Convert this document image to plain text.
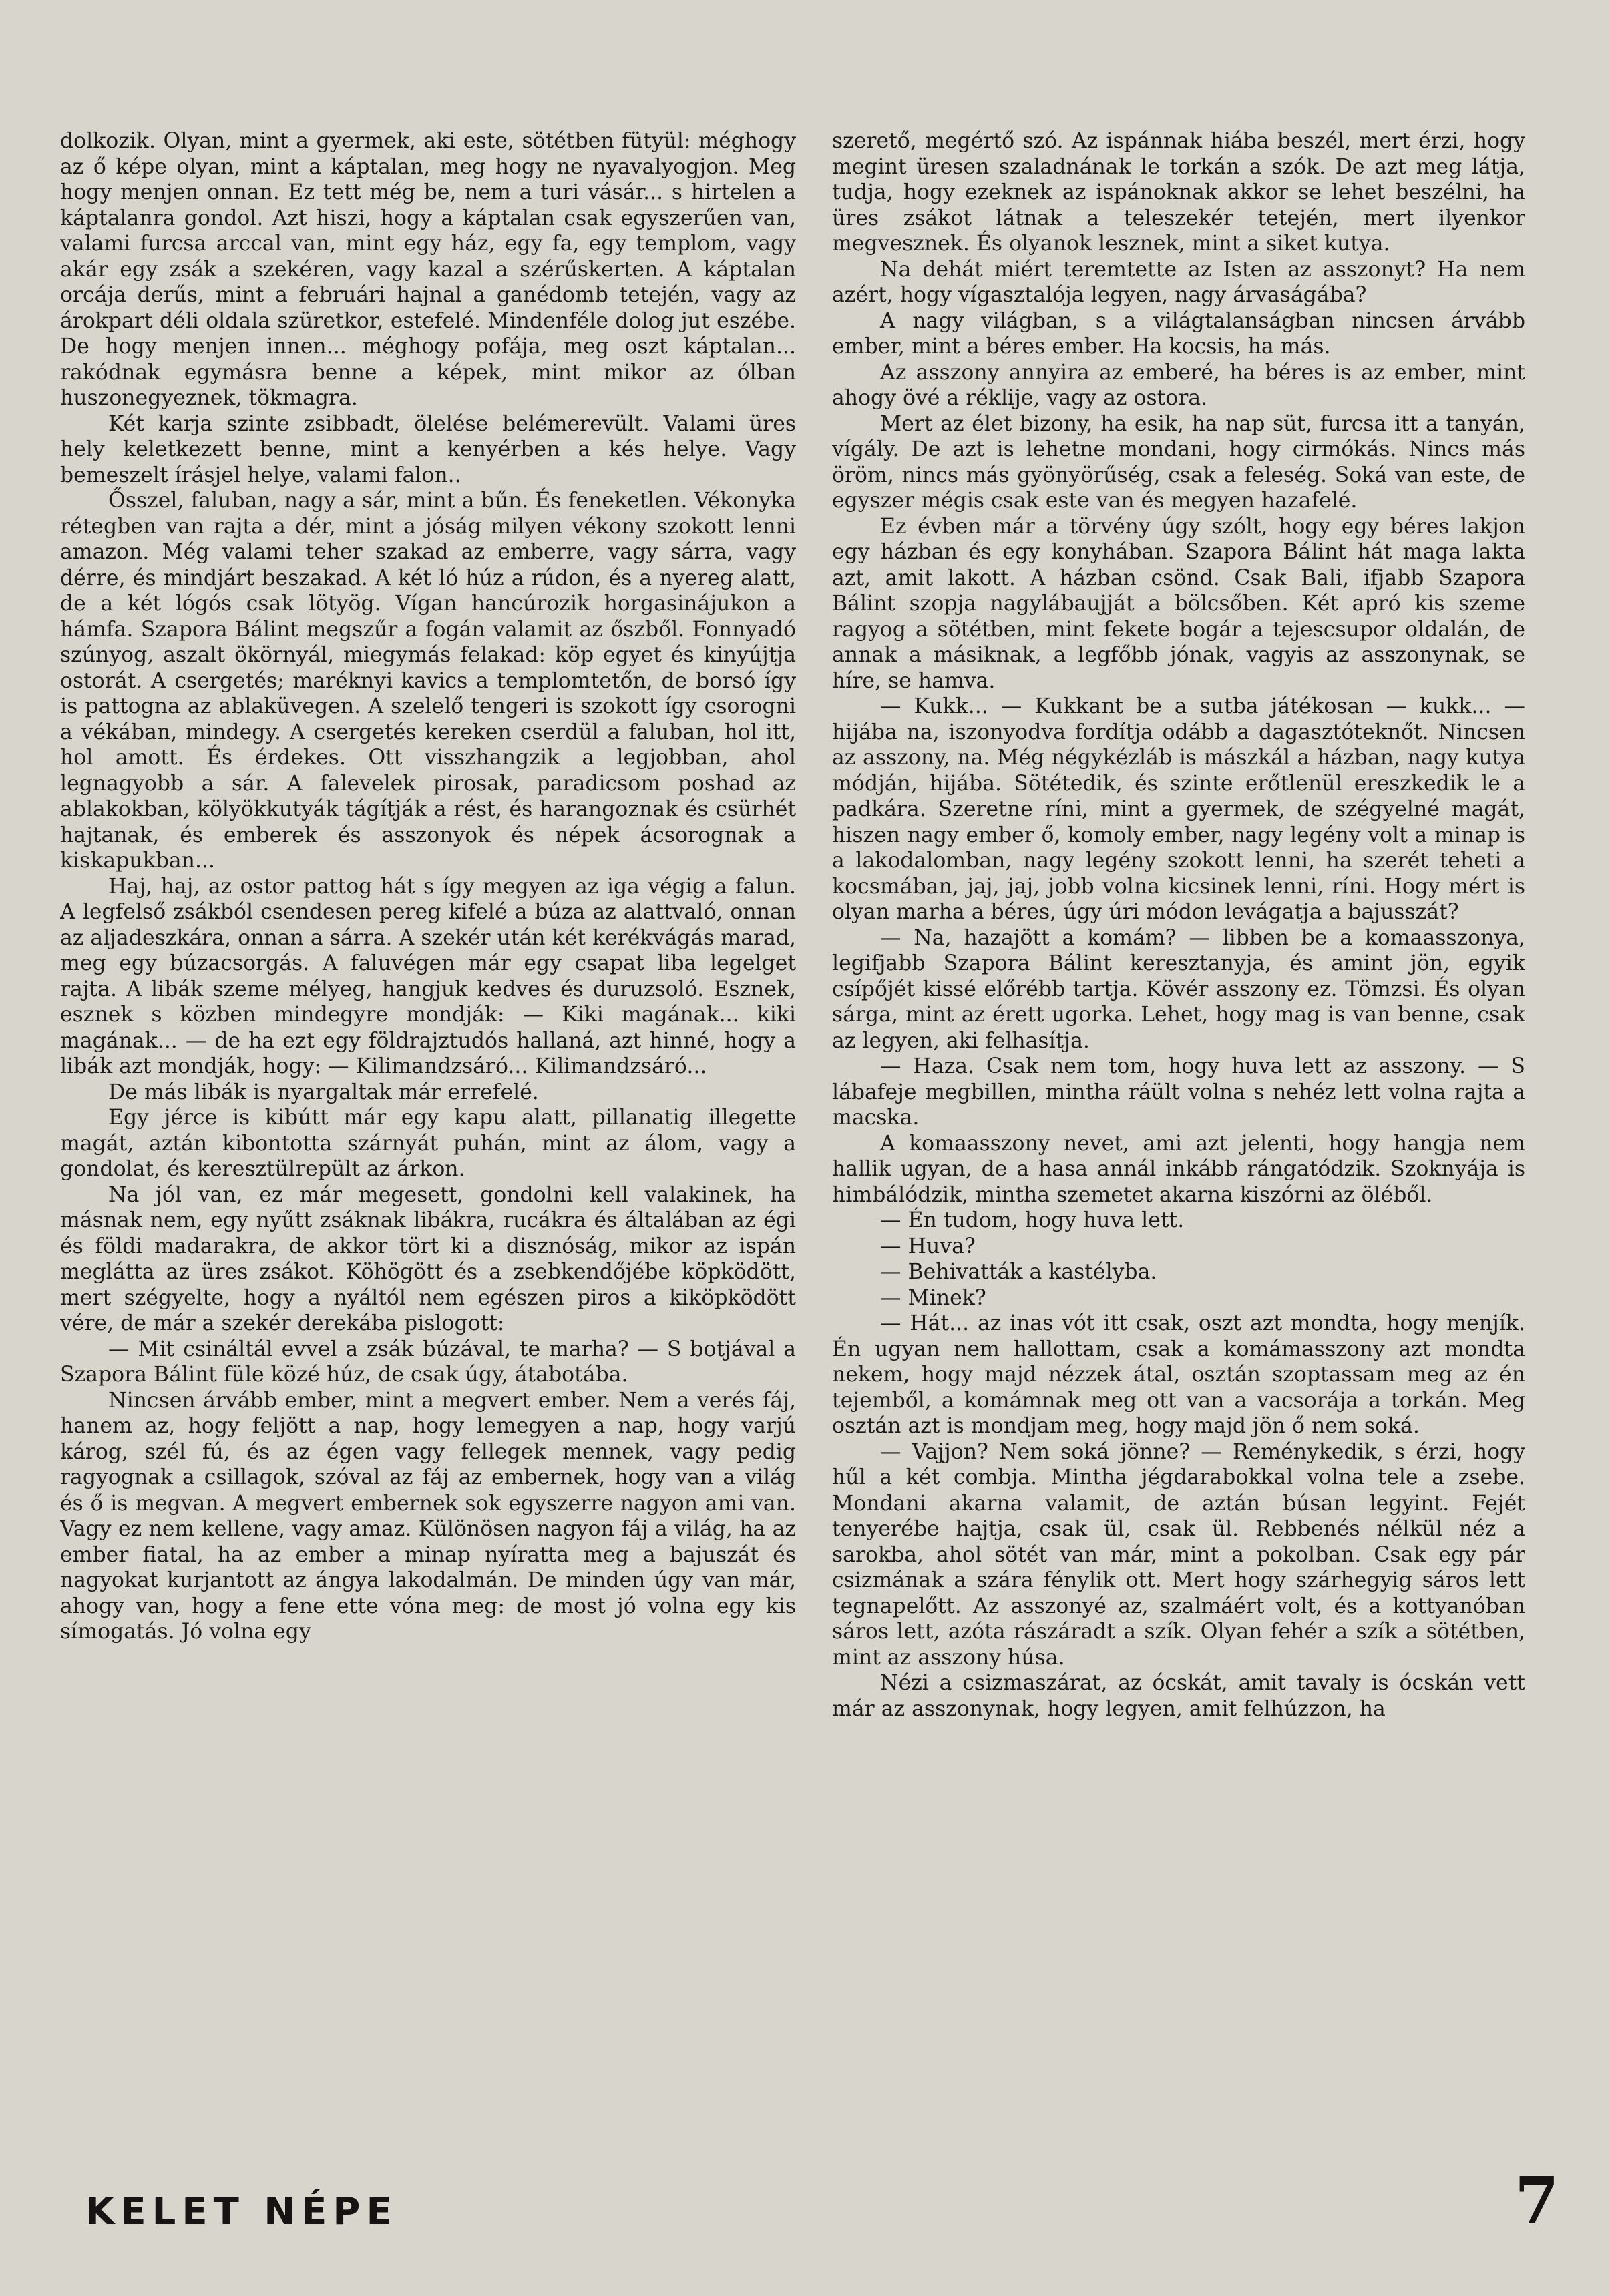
dolkozik. Olyan, mint a gyermek, aki este, sötétben fütyül: méghogy az ő képe olyan, mint a káptalan, meg hogy ne nyavalyogjon. Meg hogy menjen onnan. Ez tett még be, nem a turi vásár... s hirtelen a káptalanra gondol. Azt hiszi, hogy a káptalan csak egyszerűen van, valami furcsa arccal van, mint egy ház, egy fa, egy templom, vagy akár egy zsák a szekéren, vagy kazal a szérűskerten. A káptalan orcája derűs, mint a februári hajnal a ganédomb tetején, vagy az árokpart déli oldala szüretkor, estefelé. Mindenféle dolog jut eszébe. De hogy menjen innen... méghogy pofája, meg oszt káptalan... rakódnak egymásra benne a képek, mint mikor az ólban huszonegyeznek, tökmagra.

Két karja szinte zsibbadt, ölelése belémerevült. Valami üres hely keletkezett benne, mint a kenyérben a kés helye. Vagy bemeszelt írásjel helye, valami falon..

Ősszel, faluban, nagy a sár, mint a bűn. És feneketlen. Vékonyka rétegben van rajta a dér, mint a jóság milyen vékony szokott lenni amazon. Még valami teher szakad az emberre, vagy sárra, vagy dérre, és mindjárt beszakad. A két ló húz a rúdon, és a nyereg alatt, de a két lógós csak lötyög. Vígan hancúrozik horgasinájukon a hámfa. Szapora Bálint megszűr a fogán valamit az őszből. Fonnyadó szúnyog, aszalt ökörnyál, miegymás felakad: köp egyet és kinyújtja ostorát. A csergetés; maréknyi kavics a templomtetőn, de borsó így is pattogna az ablaküvegen. A szelelő tengeri is szokott így csorogni a vékában, mindegy. A csergetés kereken cserdül a faluban, hol itt, hol amott. És érdekes. Ott visszhangzik a legjobban, ahol legnagyobb a sár. A falevelek pirosak, paradicsom poshad az ablakokban, kölyökkutyák tágítják a rést, és harangoznak és csürhét hajtanak, és emberek és asszonyok és népek ácsorognak a kiskapukban...

Haj, haj, az ostor pattog hát s így megyen az iga végig a falun. A legfelső zsákból csendesen pereg kifelé a búza az alattvaló, onnan az aljadeszkára, onnan a sárra. A szekér után két kerékvágás marad, meg egy búzacsorgás. A faluvégen már egy csapat liba legelget rajta. A libák szeme mélyeg, hangjuk kedves és duruzsoló. Esznek, esznek s közben mindegyre mondják: — Kiki magának... kiki magának... — de ha ezt egy földrajztudós hallaná, azt hinné, hogy a libák azt mondják, hogy: — Kilimandzsáró... Kilimandzsáró...

De más libák is nyargaltak már errefelé.

Egy jérce is kibútt már egy kapu alatt, pillanatig illegette magát, aztán kibontotta szárnyát puhán, mint az álom, vagy a gondolat, és keresztülrepült az árkon.

Na jól van, ez már megesett, gondolni kell valakinek, ha másnak nem, egy nyűtt zsáknak libákra, rucákra és általában az égi és földi madarakra, de akkor tört ki a disznóság, mikor az ispán meglátta az üres zsákot. Köhögött és a zsebkendőjébe köpködött, mert szégyelte, hogy a nyáltól nem egészen piros a kiköpködött vére, de már a szekér derekába pislogott:

— Mit csináltál evvel a zsák búzával, te marha? — S botjával a Szapora Bálint füle közé húz, de csak úgy, átabotába.

Nincsen árvább ember, mint a megvert ember. Nem a verés fáj, hanem az, hogy feljött a nap, hogy lemegyen a nap, hogy varjú károg, szél fú, és az égen vagy fellegek mennek, vagy pedig ragyognak a csillagok, szóval az fáj az embernek, hogy van a világ és ő is megvan. A megvert embernek sok egyszerre nagyon ami van. Vagy ez nem kellene, vagy amaz. Különösen nagyon fáj a világ, ha az ember fiatal, ha az ember a minap nyíratta meg a bajuszát és nagyokat kurjantott az ángya lakodalmán. De minden úgy van már, ahogy van, hogy a fene ette vóna meg: de most jó volna egy kis símogatás. Jó volna egy

szerető, megértő szó. Az ispánnak hiába beszél, mert érzi, hogy megint üresen szaladnának le torkán a szók. De azt meg látja, tudja, hogy ezeknek az ispánoknak akkor se lehet beszélni, ha üres zsákot látnak a teleszekér tetején, mert ilyenkor megvesznek. És olyanok lesznek, mint a siket kutya.

Na dehát miért teremtette az Isten az asszonyt? Ha nem azért, hogy vígasztalója legyen, nagy árvaságába?

A nagy világban, s a világtalanságban nincsen árvább ember, mint a béres ember. Ha kocsis, ha más.

Az asszony annyira az emberé, ha béres is az ember, mint ahogy övé a réklije, vagy az ostora.

Mert az élet bizony, ha esik, ha nap süt, furcsa itt a tanyán, vígály. De azt is lehetne mondani, hogy cirmókás. Nincs más öröm, nincs más gyönyörűség, csak a feleség. Soká van este, de egyszer mégis csak este van és megyen hazafelé.

Ez évben már a törvény úgy szólt, hogy egy béres lakjon egy házban és egy konyhában. Szapora Bálint hát maga lakta azt, amit lakott. A házban csönd. Csak Bali, ifjabb Szapora Bálint szopja nagylábaujját a bölcsőben. Két apró kis szeme ragyog a sötétben, mint fekete bogár a tejescsupor oldalán, de annak a másiknak, a legfőbb jónak, vagyis az asszonynak, se híre, se hamva.

— Kukk... — Kukkant be a sutba játékosan — kukk... — hijába na, iszonyodva fordítja odább a dagasztóteknőt. Nincsen az asszony, na. Még négykézláb is mászkál a házban, nagy kutya módján, hijába. Sötétedik, és szinte erőtlenül ereszkedik le a padkára. Szeretne ríni, mint a gyermek, de szégyelné magát, hiszen nagy ember ő, komoly ember, nagy legény volt a minap is a lakodalomban, nagy legény szokott lenni, ha szerét teheti a kocsmában, jaj, jaj, jobb volna kicsinek lenni, ríni. Hogy mért is olyan marha a béres, úgy úri módon levágatja a bajusszát?

— Na, hazajött a komám? — libben be a komaasszonya, legifjabb Szapora Bálint keresztanyja, és amint jön, egyik csípőjét kissé előrébb tartja. Kövér asszony ez. Tömzsi. És olyan sárga, mint az érett ugorka. Lehet, hogy mag is van benne, csak az legyen, aki felhasítja.

— Haza. Csak nem tom, hogy huva lett az asszony. — S lábafeje megbillen, mintha ráült volna s nehéz lett volna rajta a macska.

A komaasszony nevet, ami azt jelenti, hogy hangja nem hallik ugyan, de a hasa annál inkább rángatódzik. Szoknyája is himbálódzik, mintha szemetet akarna kiszórni az öléből.

— Én tudom, hogy huva lett.

— Huva?

— Behivatták a kastélyba.

— Minek?

— Hát... az inas vót itt csak, oszt azt mondta, hogy menjík. Én ugyan nem hallottam, csak a komámasszony azt mondta nekem, hogy majd nézzek átal, osztán szoptassam meg az én tejemből, a komámnak meg ott van a vacsorája a torkán. Meg osztán azt is mondjam meg, hogy majd jön ő nem soká.

— Vajjon? Nem soká jönne? — Reménykedik, s érzi, hogy hűl a két combja. Mintha jégdarabokkal volna tele a zsebe. Mondani akarna valamit, de aztán búsan legyint. Fejét tenyerébe hajtja, csak ül, csak ül. Rebbenés nélkül néz a sarokba, ahol sötét van már, mint a pokolban. Csak egy pár csizmának a szára fénylik ott. Mert hogy szárhegyig sáros lett tegnapelőtt. Az asszonyé az, szalmáért volt, és a kottyanóban sáros lett, azóta rászáradt a szík. Olyan fehér a szík a sötétben, mint az asszony húsa.

Nézi a csizmaszárat, az ócskát, amit tavaly is ócskán vett már az asszonynak, hogy legyen, amit felhúzzon, ha

KELET NÉPE	7
